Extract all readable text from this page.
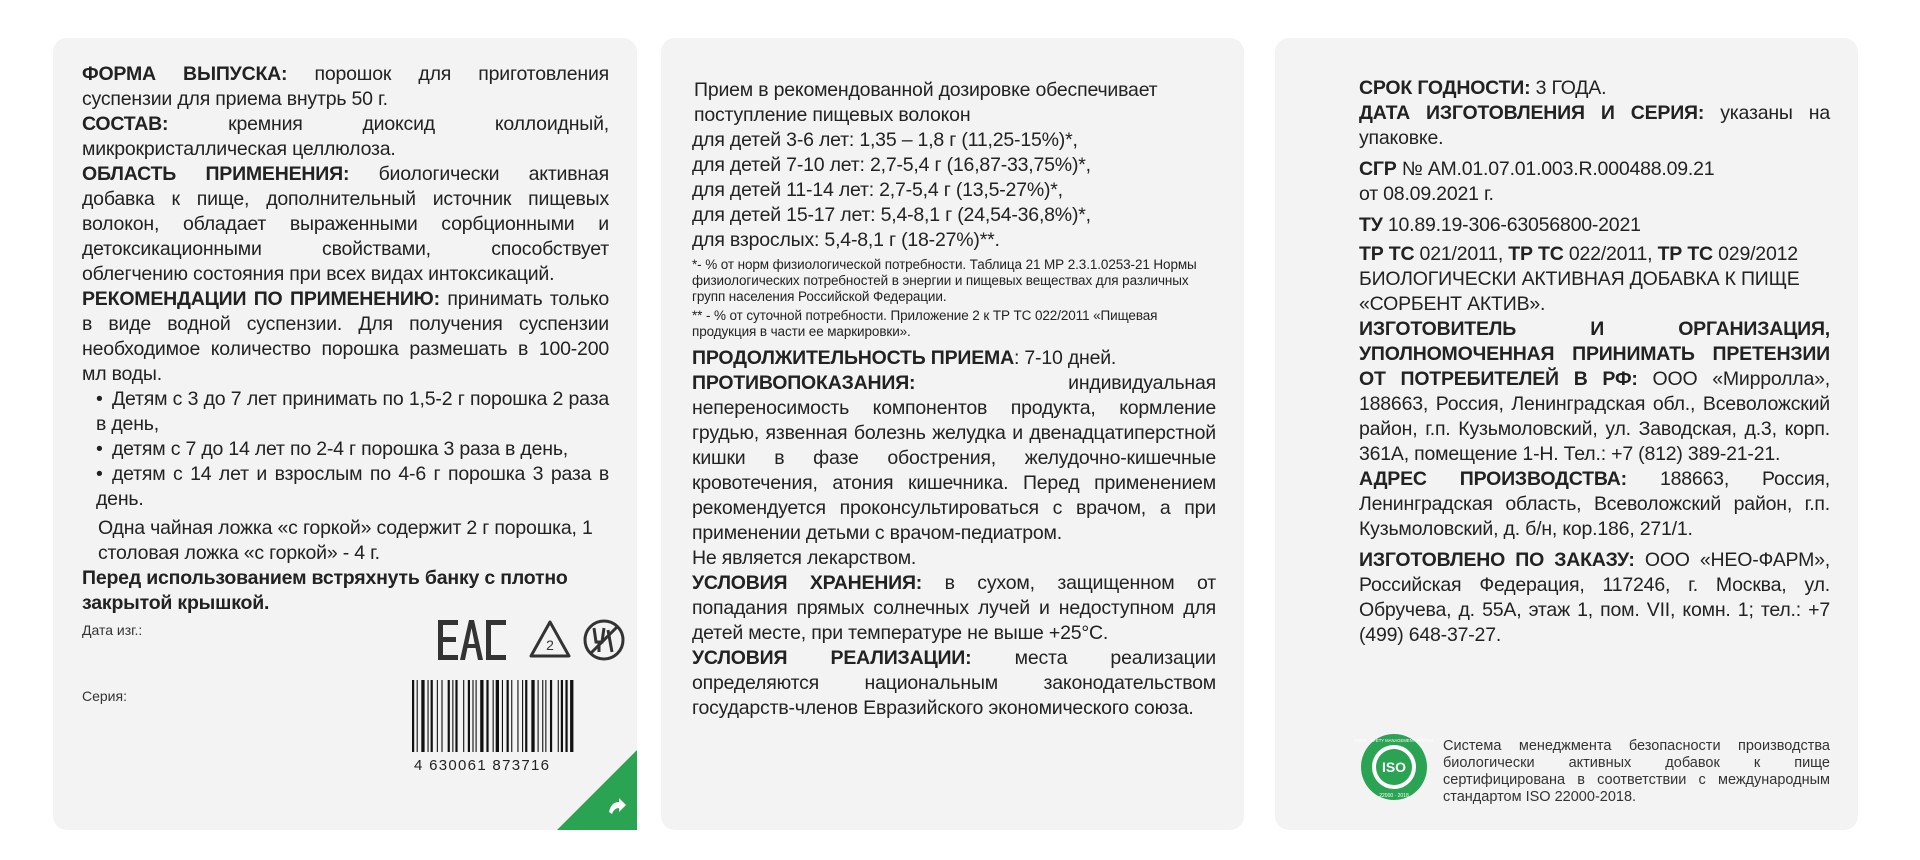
ФОРМА ВЫПУСКА: порошок для приготовления суспензии для приема внутрь 50 г.
СОСТАВ: кремния диоксид коллоидный, микрокристаллическая целлюлоза.
ОБЛАСТЬ ПРИМЕНЕНИЯ: биологически активная добавка к пище, дополнительный источник пищевых волокон, обладает выраженными сорбционными и детоксикационными свойствами, способствует облегчению состояния при всех видах интоксикаций.
РЕКОМЕНДАЦИИ ПО ПРИМЕНЕНИЮ: принимать только в виде водной суспензии. Для получения суспензии необходимое количество порошка размешать в 100-200 мл воды.
• Детям с 3 до 7 лет принимать по 1,5-2 г порошка 2 раза в день,
• детям с 7 до 14 лет по 2-4 г порошка 3 раза в день,
• детям с 14 лет и взрослым по 4-6 г порошка 3 раза в день.
Одна чайная ложка «с горкой» содержит 2 г порошка, 1 столовая ложка «с горкой» - 4 г.
Перед использованием встряхнуть банку с плотно закрытой крышкой.
Дата изг.:
Серия:
2
4 630061 873716
Прием в рекомендованной дозировке обеспечивает поступление пищевых волокон
для детей 3-6 лет: 1,35 – 1,8 г (11,25-15%)*,
для детей 7-10 лет: 2,7-5,4 г (16,87-33,75%)*,
для детей 11-14 лет: 2,7-5,4 г (13,5-27%)*,
для детей 15-17 лет: 5,4-8,1 г (24,54-36,8%)*,
для взрослых: 5,4-8,1 г (18-27%)**.
*- % от норм физиологической потребности. Таблица 21 МР 2.3.1.0253-21 Нормы физиологических потребностей в энергии и пищевых веществах для различных групп населения Российской Федерации.
** - % от суточной потребности. Приложение 2 к ТР ТС 022/2011 «Пищевая продукция в части ее маркировки».
ПРОДОЛЖИТЕЛЬНОСТЬ ПРИЕМА: 7-10 дней.
ПРОТИВОПОКАЗАНИЯ: индивидуальная непереносимость компонентов продукта, кормление грудью, язвенная болезнь желудка и двенадцатиперстной кишки в фазе обострения, желудочно-кишечные кровотечения, атония кишечника. Перед применением рекомендуется проконсультироваться с врачом, а при применении детьми с врачом-педиатром.
Не является лекарством.
УСЛОВИЯ ХРАНЕНИЯ: в сухом, защищенном от попадания прямых солнечных лучей и недоступном для детей месте, при температуре не выше +25°С.
УСЛОВИЯ РЕАЛИЗАЦИИ: места реализации определяются национальным законодательством государств-членов Евразийского экономического союза.
СРОК ГОДНОСТИ: 3 ГОДА.
ДАТА ИЗГОТОВЛЕНИЯ И СЕРИЯ: указаны на упаковке.
СГР № AM.01.07.01.003.R.000488.09.21
от 08.09.2021 г.
ТУ 10.89.19-306-63056800-2021
ТР ТС 021/2011, ТР ТС 022/2011, ТР ТС 029/2012
БИОЛОГИЧЕСКИ АКТИВНАЯ ДОБАВКА К ПИЩЕ «СОРБЕНТ АКТИВ».
ИЗГОТОВИТЕЛЬ И ОРГАНИЗАЦИЯ, УПОЛНОМОЧЕННАЯ ПРИНИМАТЬ ПРЕТЕНЗИИ ОТ ПОТРЕБИТЕЛЕЙ В РФ: ООО «Мирролла», 188663, Россия, Ленинградская обл., Всеволожский район, г.п. Кузьмоловский, ул. Заводская, д.3, корп. 361А, помещение 1-Н. Тел.: +7 (812) 389-21-21.
АДРЕС ПРОИЗВОДСТВА: 188663, Россия, Ленинградская область, Всеволожский район, г.п. Кузьмоловский, д. б/н, кор.186, 271/1.
ИЗГОТОВЛЕНО ПО ЗАКАЗУ: ООО «НЕО-ФАРМ», Российская Федерация, 117246, г. Москва, ул. Обручева, д. 55А, этаж 1, пом. VII, комн. 1; тел.: +7 (499) 648-37-27.
ISO
FOOD SAFETY MANAGEMENT SYSTEM
22000 · 2018
Система менеджмента безопасности производства биологически активных добавок к пище сертифицирована в соответствии с международным стандартом ISO 22000-2018.
